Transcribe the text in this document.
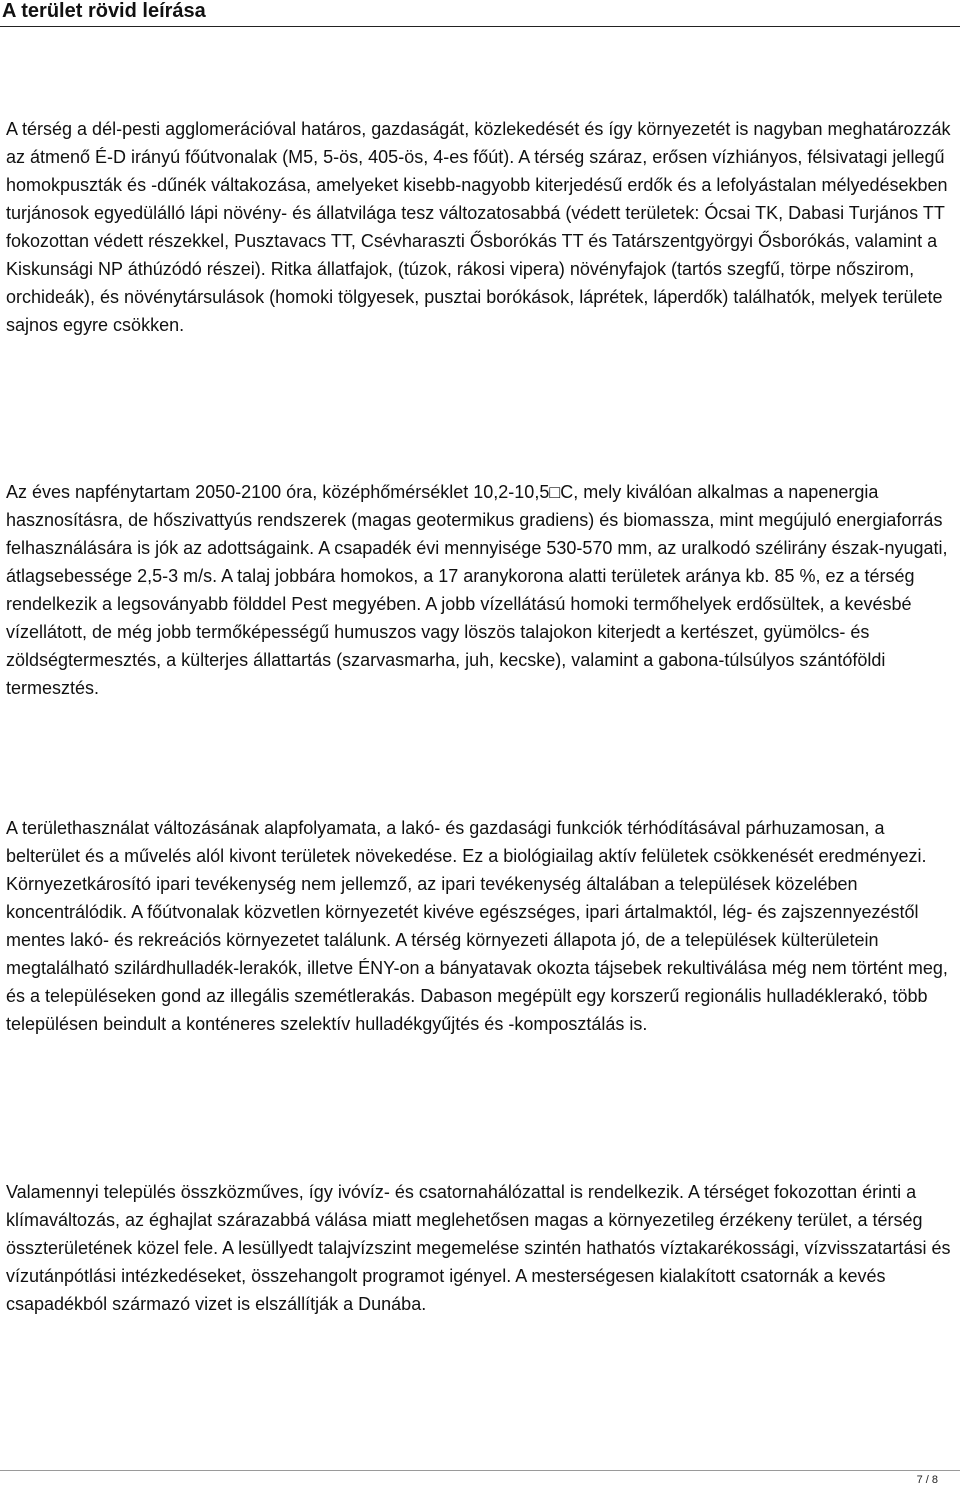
A terület rövid leírása

A térség a dél-pesti agglomerációval határos, gazdaságát, közlekedését és így környezetét is nagyban meghatározzák az átmenő É-D irányú főútvonalak (M5, 5-ös, 405-ös, 4-es főút). A térség száraz, erősen vízhiányos, félsivatagi jellegű homokpuszták és -dűnék váltakozása, amelyeket kisebb-nagyobb kiterjedésű erdők és a lefolyástalan mélyedésekben turjánosok egyedülálló lápi növény- és állatvilága tesz változatosabbá (védett területek: Ócsai TK, Dabasi Turjános TT fokozottan védett részekkel, Pusztavacs TT, Csévharaszti Ősborókás TT és Tatárszentgyörgyi Ősborókás, valamint a Kiskunsági NP áthúzódó részei). Ritka állatfajok, (túzok, rákosi vipera) növényfajok (tartós szegfű, törpe nőszirom, orchideák), és növénytársulások (homoki tölgyesek, pusztai borókások, láprétek, láperdők) találhatók, melyek területe sajnos egyre csökken.

Az éves napfénytartam 2050-2100 óra, középhőmérséklet 10,2-10,5□C, mely kiválóan alkalmas a napenergia hasznosításra, de hőszivattyús rendszerek (magas geotermikus gradiens) és biomassza, mint megújuló energiaforrás felhasználására is jók az adottságaink. A csapadék évi mennyisége 530-570 mm, az uralkodó szélirány észak-nyugati, átlagsebessége 2,5-3 m/s. A talaj jobbára homokos, a 17 aranykorona alatti területek aránya kb. 85 %, ez a térség rendelkezik a legsoványabb földdel Pest megyében. A jobb vízellátású homoki termőhelyek erdősültek, a kevésbé vízellátott, de még jobb termőképességű humuszos vagy löszös talajokon kiterjedt a kertészet, gyümölcs- és zöldségtermesztés, a külterjes állattartás (szarvasmarha, juh, kecske), valamint a gabona-túlsúlyos szántóföldi termesztés.

A területhasználat változásának alapfolyamata, a lakó- és gazdasági funkciók térhódításával párhuzamosan, a belterület és a művelés alól kivont területek növekedése. Ez a biológiailag aktív felületek csökkenését eredményezi. Környezetkárosító ipari tevékenység nem jellemző, az ipari tevékenység általában a települések közelében koncentrálódik. A főútvonalak közvetlen környezetét kivéve egészséges, ipari ártalmaktól, lég- és zajszennyezéstől mentes lakó- és rekreációs környezetet találunk. A térség környezeti állapota jó, de a települések külterületein megtalálható szilárdhulladék-lerakók, illetve ÉNY-on a bányatavak okozta tájsebek rekultiválása még nem történt meg, és a településeken gond az illegális szemétlerakás. Dabason megépült egy korszerű regionális hulladéklerakó, több településen beindult a konténeres szelektív hulladékgyűjtés és -komposztálás is.

Valamennyi település összközműves, így ivóvíz- és csatornahálózattal is rendelkezik. A térséget fokozottan érinti a klímaváltozás, az éghajlat szárazabbá válása miatt meglehetősen magas a környezetileg érzékeny terület, a térség összterületének közel fele. A lesüllyedt talajvízszint megemelése szintén hathatós víztakarékossági, vízvisszatartási és vízutánpótlási intézkedéseket, összehangolt programot igényel. A mesterségesen kialakított csatornák a kevés csapadékból származó vizet is elszállítják a Dunába.

7 / 8
